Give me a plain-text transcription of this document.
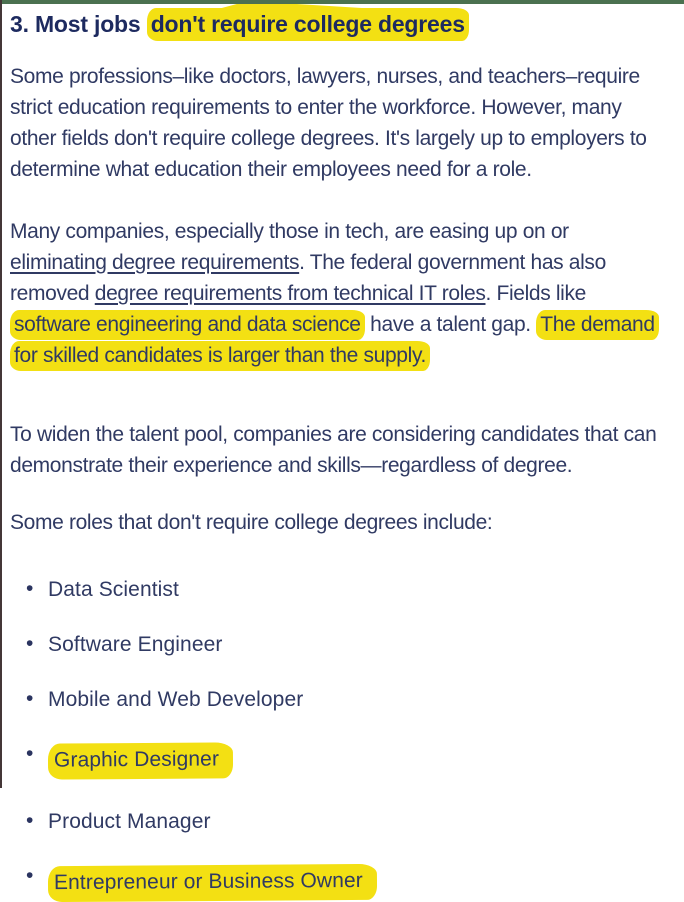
3. Most jobs don't require college degrees

Some professions–like doctors, lawyers, nurses, and teachers–require strict education requirements to enter the workforce. However, many other fields don't require college degrees. It's largely up to employers to determine what education their employees need for a role.

Many companies, especially those in tech, are easing up on or eliminating degree requirements. The federal government has also removed degree requirements from technical IT roles. Fields like software engineering and data science have a talent gap. The demand for skilled candidates is larger than the supply.

To widen the talent pool, companies are considering candidates that can demonstrate their experience and skills—regardless of degree.

Some roles that don't require college degrees include:

• Data Scientist
• Software Engineer
• Mobile and Web Developer
• Graphic Designer
• Product Manager
• Entrepreneur or Business Owner
